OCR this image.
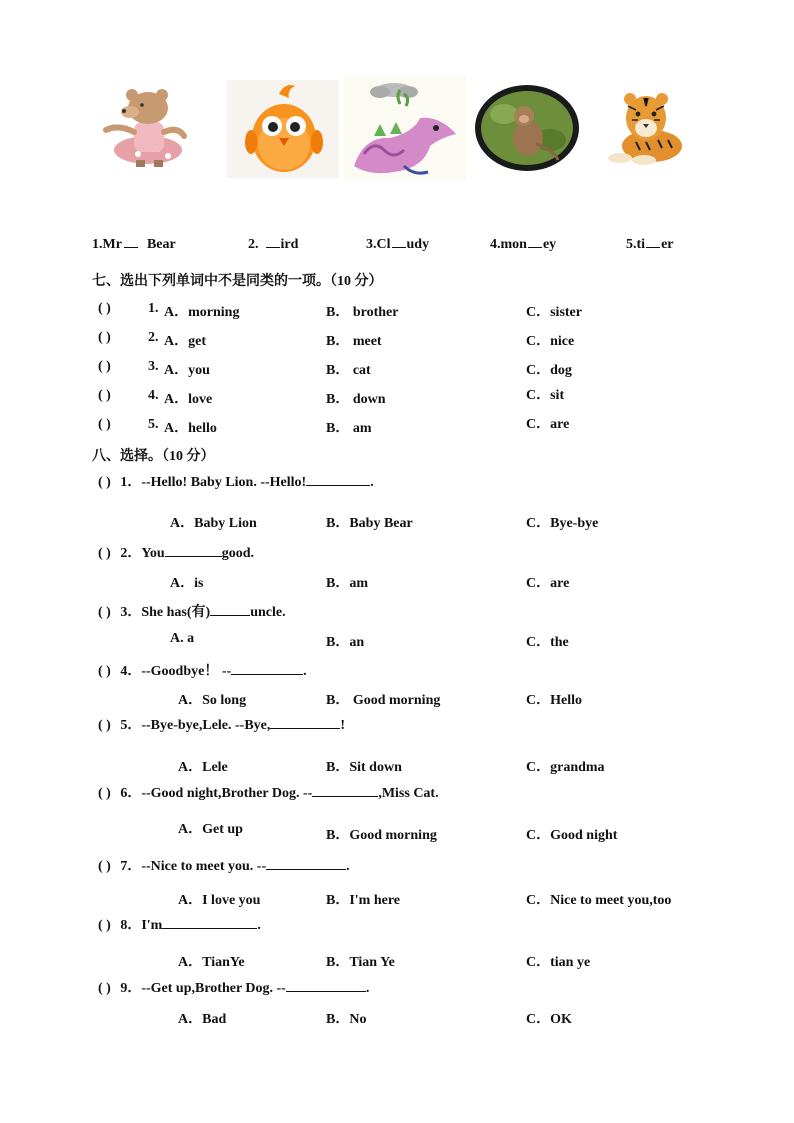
1.Mr Bear	2. ird	3.Cl udy	4.mon ey	5.ti er
七、选出下列单词中不是同类的一项。（10 分）
( )	1. A．morning	B． brother	C．sister
( )	2. A．get	B． meet	C．nice
( )	3. A．you	B． cat	C．dog
( )	4. A．love	B． down	C．sit
( )	5. A．hello	B． am	C．are
八、选择。（10 分）
( ) 1．--Hello! Baby Lion. --Hello!	.
A．Baby Lion	B．Baby Bear	C．Bye-bye
( ) 2．You	good.
A．is	B．am	C．are
( ) 3．She has(有)	uncle.
A. a	B．an	C．the
( ) 4．--Goodbye！ --	.
A．So long	B． Good morning	C．Hello
( ) 5．--Bye-bye,Lele. --Bye,	!
A．Lele	B．Sit down	C．grandma
( ) 6．--Good night,Brother Dog. --	,Miss Cat.
A．Get up	B．Good morning	C．Good night
( ) 7．--Nice to meet you. --	.
A．I love you	B．I'm here	C．Nice to meet you,too
( ) 8．I'm	.
A．TianYe	B．Tian Ye	C．tian ye
( ) 9．--Get up,Brother Dog. --	.
A．Bad	B．No	C．OK
